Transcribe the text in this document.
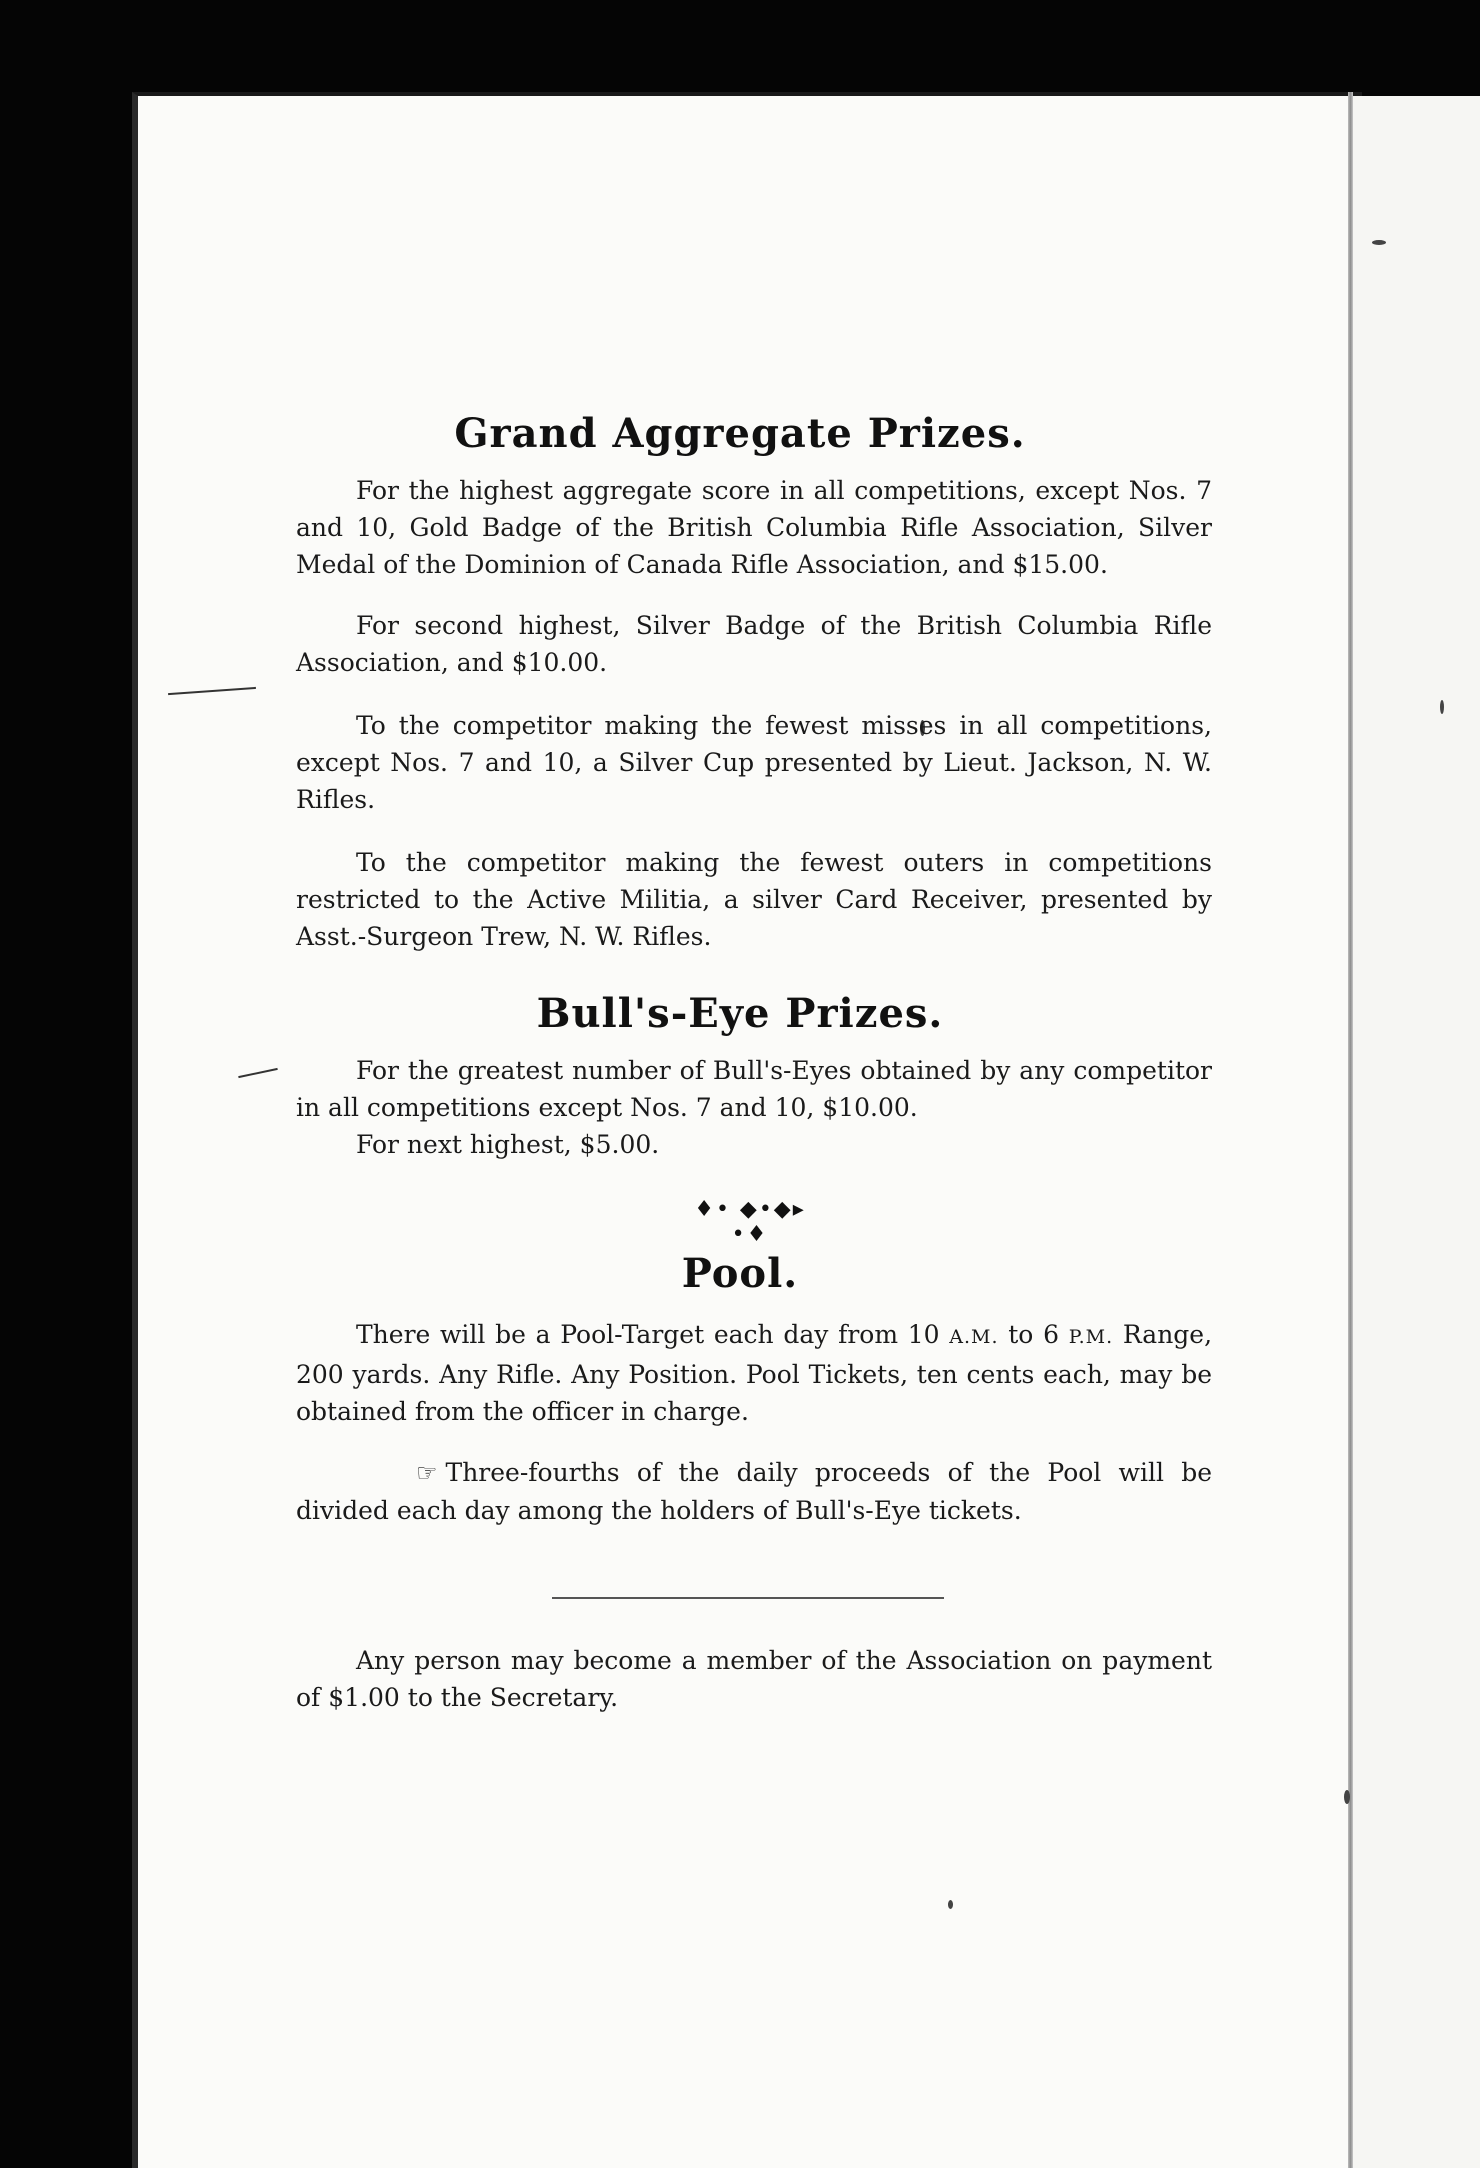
Grand Aggregate Prizes.

For the highest aggregate score in all competitions, except Nos. 7 and 10, Gold Badge of the British Columbia Rifle Association, Silver Medal of the Dominion of Canada Rifle Association, and $15.00.

For second highest, Silver Badge of the British Columbia Rifle Association, and $10.00.

To the competitor making the fewest misses in all competitions, except Nos. 7 and 10, a Silver Cup presented by Lieut. Jackson, N. W. Rifles.

To the competitor making the fewest outers in competitions restricted to the Active Militia, a silver Card Receiver, presented by Asst.-Surgeon Trew, N. W. Rifles.

Bull's-Eye Prizes.

For the greatest number of Bull's-Eyes obtained by any competitor in all competitions except Nos. 7 and 10, $10.00.

For next highest, $5.00.

♦• ◆•◆▸ •♦
Pool.

There will be a Pool-Target each day from 10 A.M. to 6 P.M. Range, 200 yards. Any Rifle. Any Position. Pool Tickets, ten cents each, may be obtained from the officer in charge.

☞ Three-fourths of the daily proceeds of the Pool will be divided each day among the holders of Bull's-Eye tickets.

Any person may become a member of the Association on payment of $1.00 to the Secretary.
